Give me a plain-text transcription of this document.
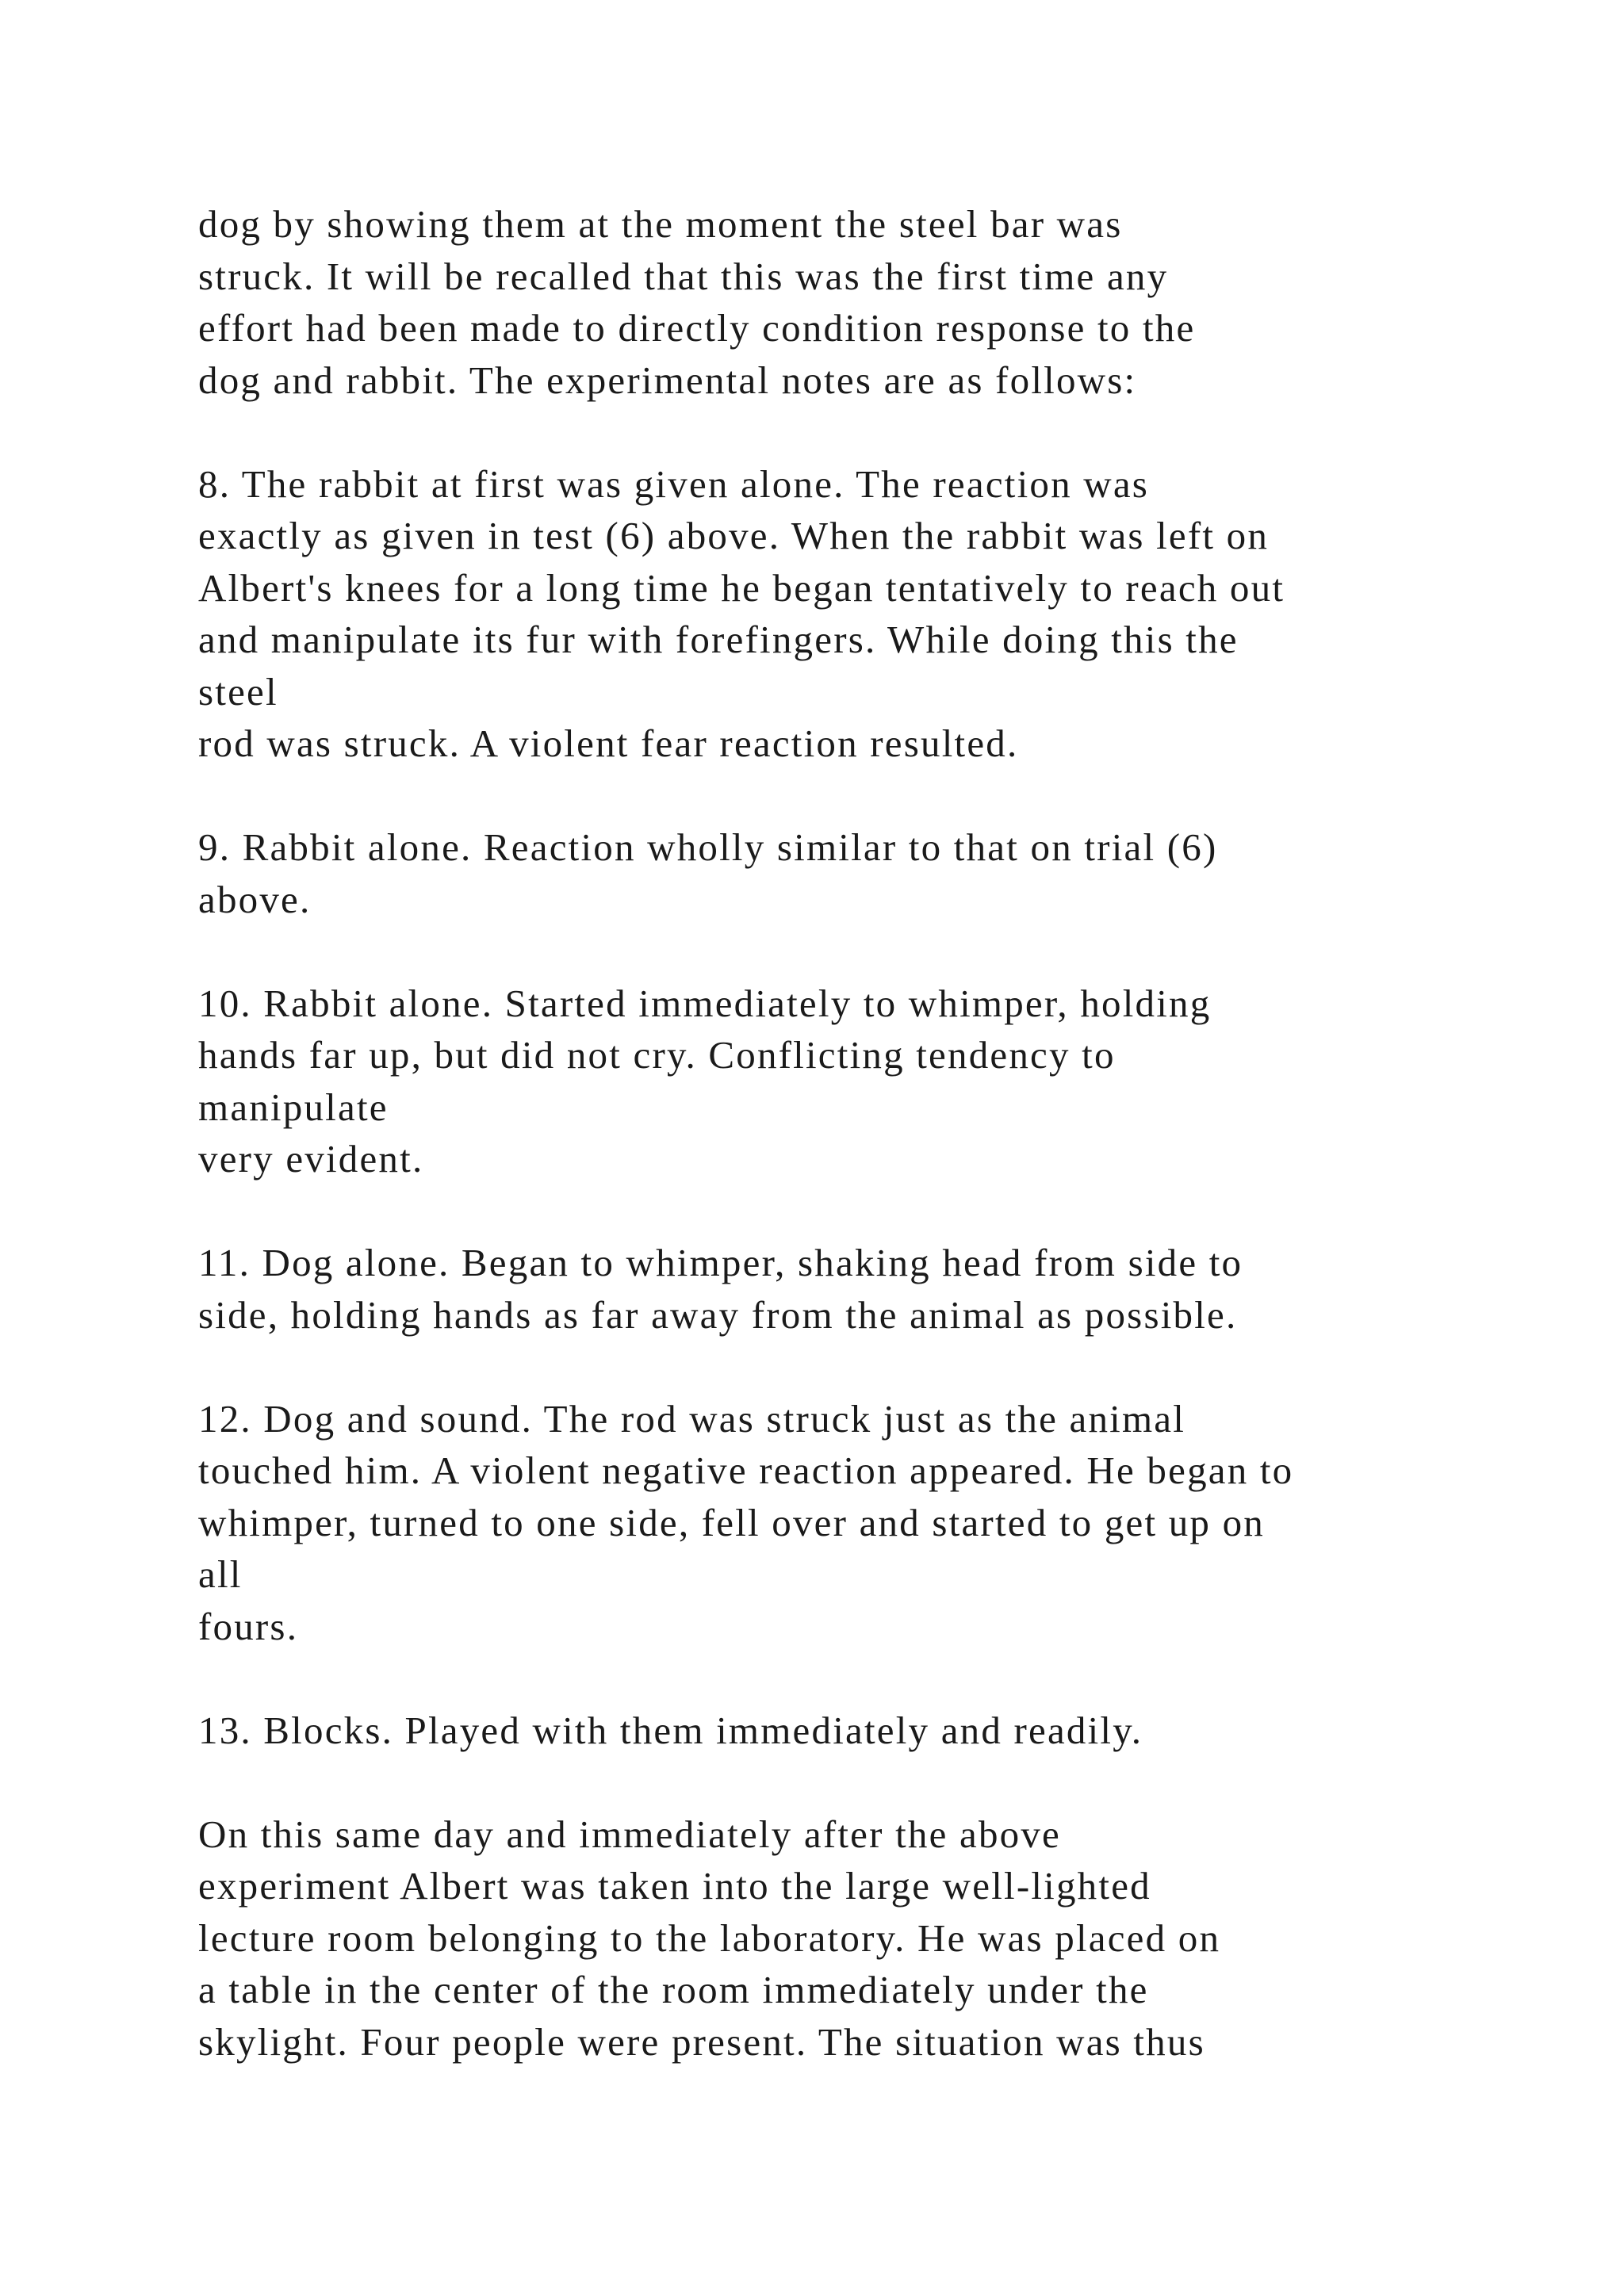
dog by showing them at the moment the steel bar was
struck. It will be recalled that this was the first time any
effort had been made to directly condition response to the
dog and rabbit. The experimental notes are as follows:
8. The rabbit at first was given alone. The reaction was
exactly as given in test (6) above. When the rabbit was left on
Albert's knees for a long time he began tentatively to reach out
and manipulate its fur with forefingers. While doing this the
steel
rod was struck. A violent fear reaction resulted.
9. Rabbit alone. Reaction wholly similar to that on trial (6)
above.
10. Rabbit alone. Started immediately to whimper, holding
hands far up, but did not cry. Conflicting tendency to
manipulate
very evident.
11. Dog alone. Began to whimper, shaking head from side to
side, holding hands as far away from the animal as possible.
12. Dog and sound. The rod was struck just as the animal
touched him. A violent negative reaction appeared. He began to
whimper, turned to one side, fell over and started to get up on
all
fours.
13. Blocks. Played with them immediately and readily.
On this same day and immediately after the above
experiment Albert was taken into the large well-lighted
lecture room belonging to the laboratory. He was placed on
a table in the center of the room immediately under the
skylight. Four people were present. The situation was thus
